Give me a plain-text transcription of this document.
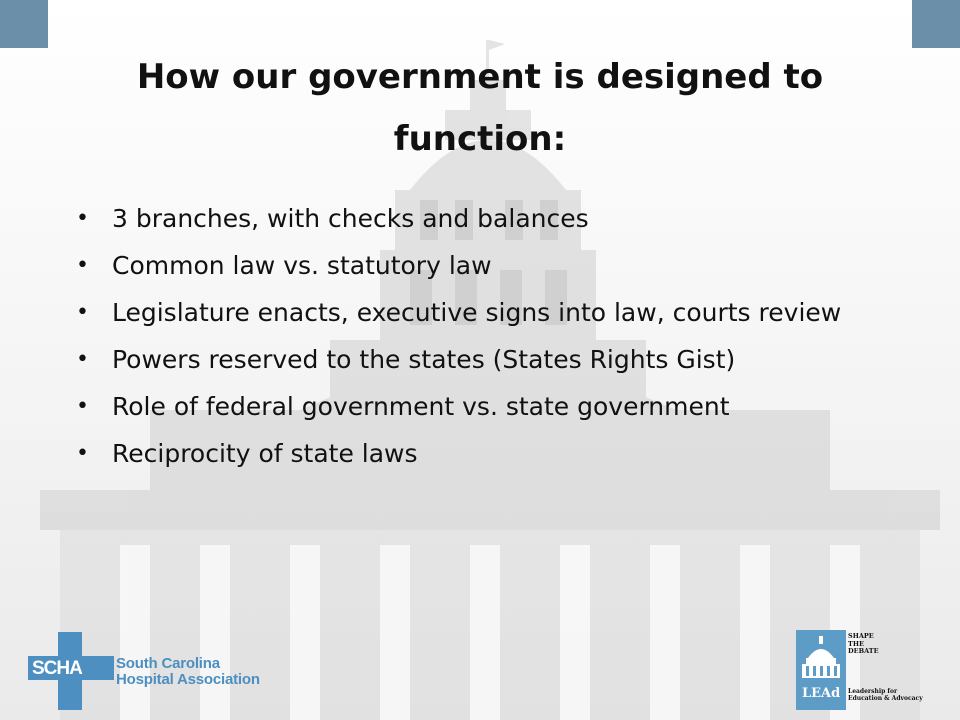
How our government is designed to function:
• 3 branches, with checks and balances
• Common law vs. statutory law
• Legislature enacts, executive signs into law, courts review
• Powers reserved to the states (States Rights Gist)
• Role of federal government vs. state government
• Reciprocity of state laws
SCHA South Carolina
Hospital Association
LEAd
SHAPE
THE
DEBATE
Leadership for
Education & Advocacy
